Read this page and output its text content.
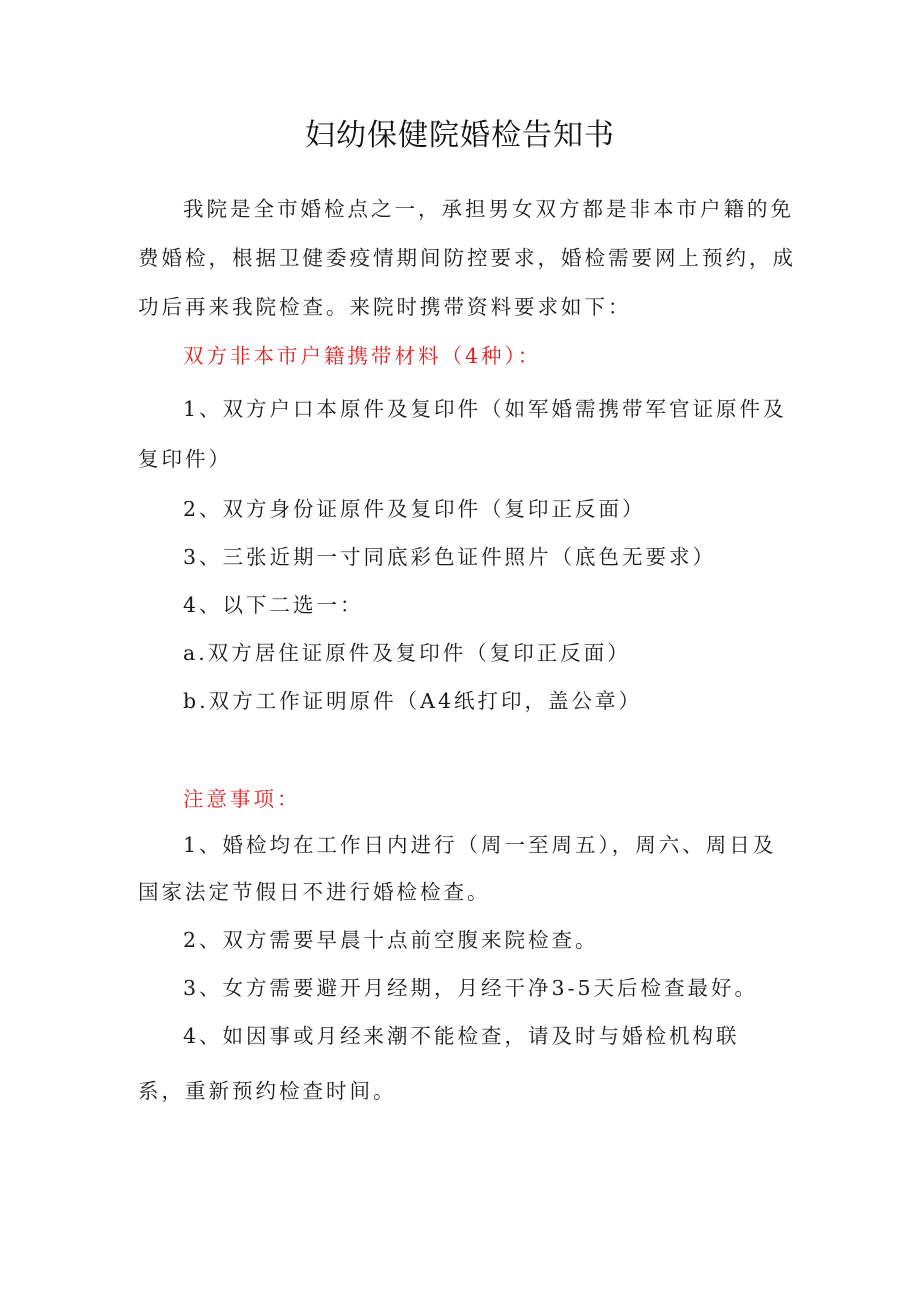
妇幼保健院婚检告知书
我院是全市婚检点之一，承担男女双方都是非本市户籍的免
费婚检，根据卫健委疫情期间防控要求，婚检需要网上预约，成
功后再来我院检查。来院时携带资料要求如下：
双方非本市户籍携带材料（4种）：
1、双方户口本原件及复印件（如军婚需携带军官证原件及
复印件）
2、双方身份证原件及复印件（复印正反面）
3、三张近期一寸同底彩色证件照片（底色无要求）
4、以下二选一：
a.双方居住证原件及复印件（复印正反面）
b.双方工作证明原件（A4纸打印，盖公章）
注意事项：
1、婚检均在工作日内进行（周一至周五），周六、周日及
国家法定节假日不进行婚检检查。
2、双方需要早晨十点前空腹来院检查。
3、女方需要避开月经期，月经干净3-5天后检查最好。
4、如因事或月经来潮不能检查，请及时与婚检机构联
系，重新预约检查时间。
